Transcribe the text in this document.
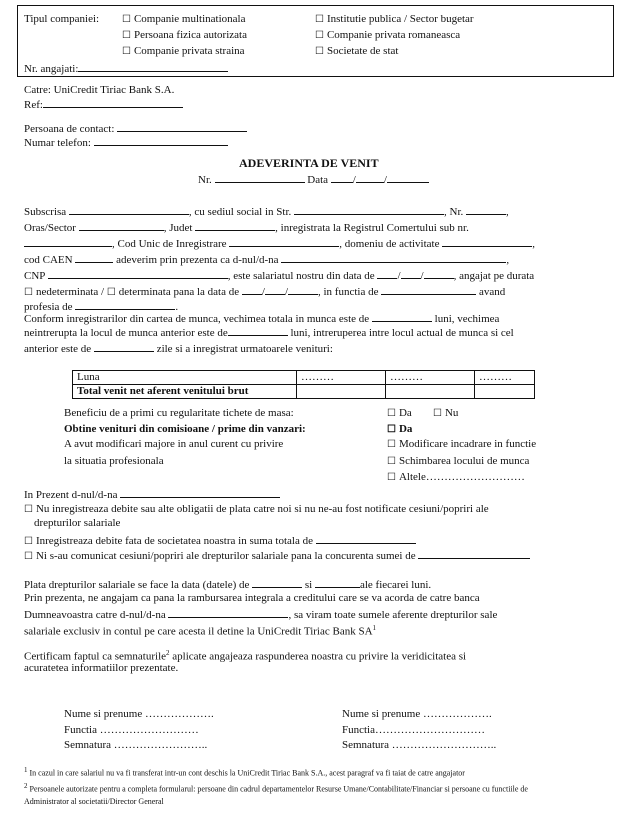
Tipul companiei:	☐ Companie multinationala
☐ Persoana fizica autorizata
☐ Companie privata straina
☐ Institutie publica / Sector bugetar
☐ Companie privata romaneasca
☐ Societate de stat
Nr. angajati:
Catre: UniCredit Tiriac Bank S.A.
Ref:
Persoana de contact:
Numar telefon:
ADEVERINTA DE VENIT
Nr.	Data /	/
Subscrisa	, cu sediul social in Str.	, Nr.	,
Oras/Sector	, Judet	, inregistrata la Registrul Comertului sub nr.
, Cod Unic de Inregistrare	, domeniu de activitate	,
cod CAEN	adeverim prin prezenta ca d-nul/d-na	,
CNP	, este salariatul nostru din data de / /	, angajat pe durata
☐ nedeterminata / ☐ determinata pana la data de / /	, in functia de	avand
profesia de	.
Conform inregistrarilor din cartea de munca, vechimea totala in munca este de	luni, vechimea
neintrerupta la locul de munca anterior este de	luni, intreruperea intre locul actual de munca si cel
anterior este de	zile si a inregistrat urmatoarele venituri:
Luna	………	………	………
Total venit net aferent venitului brut			
Beneficiu de a primi cu regularitate tichete de masa:	☐ Da	☐ Nu
Obtine venituri din comisioane / prime din vanzari:	☐ Da
A avut modificari majore in anul curent cu privire
la situatia profesionala
☐ Modificare incadrare in functie
☐ Schimbarea locului de munca
☐ Altele………………………
In Prezent d-nul/d-na
☐ Nu inregistreaza debite sau alte obligatii de plata catre noi si nu ne-au fost notificate cesiuni/popriri ale
drepturilor salariale
☐ Inregistreaza debite fata de societatea noastra in suma totala de
☐ Ni s-au comunicat cesiuni/popriri ale drepturilor salariale pana la concurenta sumei de
Plata drepturilor salariale se face la data (datele) de	si	ale fiecarei luni.
Prin prezenta, ne angajam ca pana la rambursarea integrala a creditului care se va acorda de catre banca
Dumneavoastra catre d-nul/d-na	, sa viram toate sumele aferente drepturilor sale
salariale exclusiv in contul pe care acesta il detine la UniCredit Tiriac Bank $SA^1$
Certificam faptul ca semnaturile$^2$ aplicate angajeaza raspunderea noastra cu privire la veridicitatea si
acuratetea informatiilor prezentate.
Nume si prenume ……………….
Functia ………………………
Semnatura ……………………..
Nume si prenume ……………….
Functia…………………………
Semnatura ………………………..
$^1$ In cazul in care salariul nu va fi transferat intr-un cont deschis la UniCredit Tiriac Bank S.A., acest paragraf va fi taiat de catre angajator
$^2$ Persoanele autorizate pentru a completa formularul: persoane din cadrul departamentelor Resurse Umane/Contabilitate/Financiar si persoane cu functiile de
Administrator al societatii/Director General
